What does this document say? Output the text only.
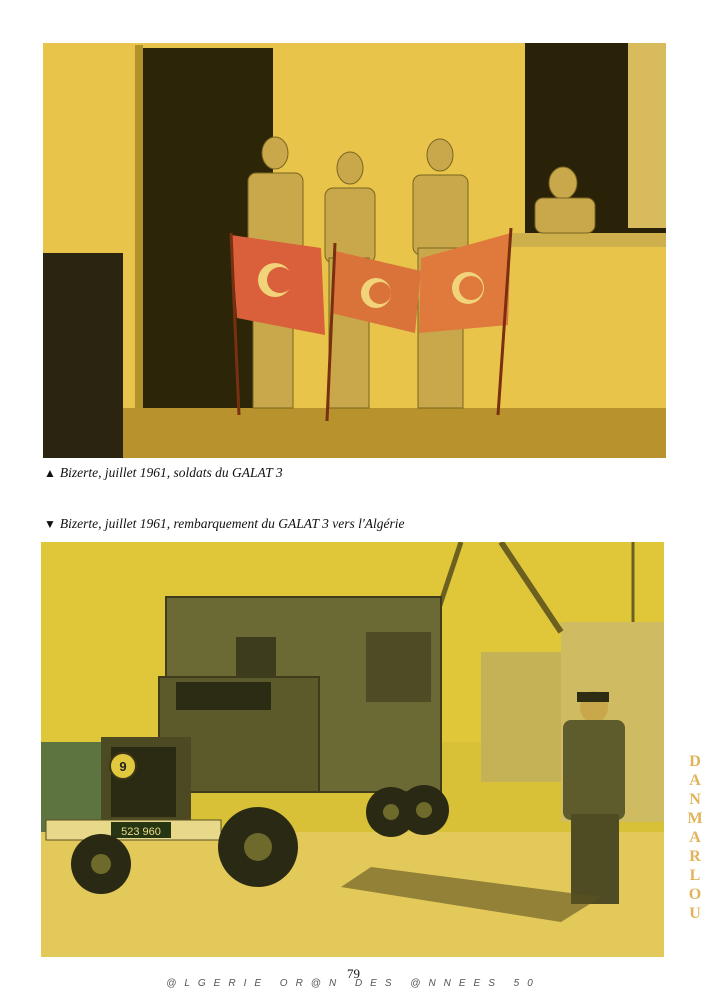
▲ Bizerte, juillet 1961, soldats du GALAT 3
▼ Bizerte, juillet 1961, rembarquement du GALAT 3 vers l'Algérie
9
523 960
DANMARLOU
79
@LGERIE OR@N DES @NNEES 50
